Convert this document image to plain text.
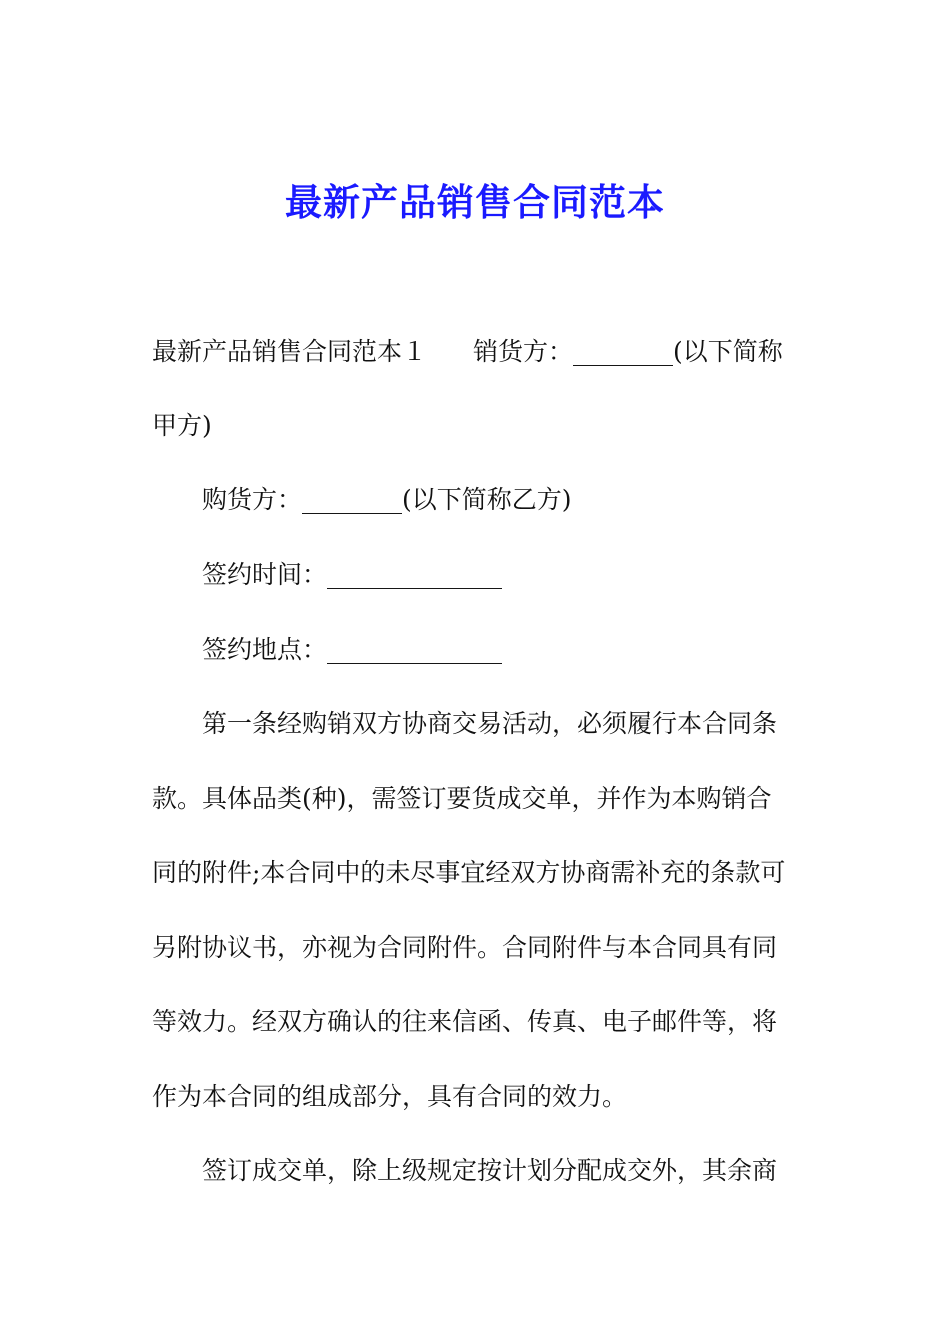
最新产品销售合同范本
最新产品销售合同范本１ 销货方：________(以下简称
甲方)
购货方：________(以下简称乙方)
签约时间：______________
签约地点：______________
第一条经购销双方协商交易活动，必须履行本合同条
款。具体品类(种)，需签订要货成交单，并作为本购销合
同的附件;本合同中的未尽事宜经双方协商需补充的条款可
另附协议书，亦视为合同附件。合同附件与本合同具有同
等效力。经双方确认的往来信函、传真、电子邮件等，将
作为本合同的组成部分，具有合同的效力。
签订成交单，除上级规定按计划分配成交外，其余商
